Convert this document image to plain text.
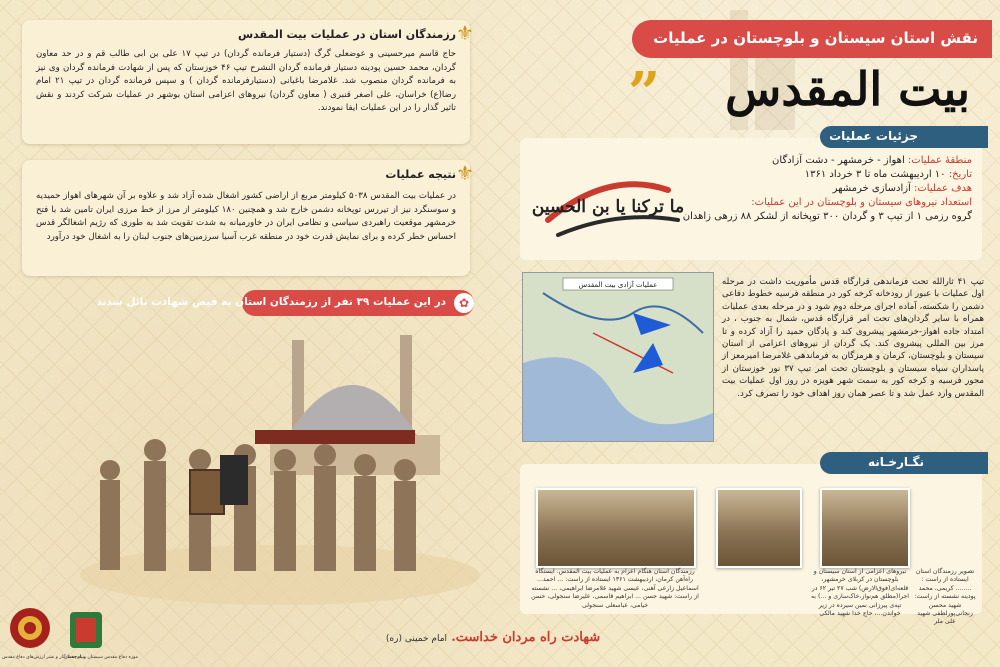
نقش استان سیستان و بلوچستان در عملیات
”	بیت المقدس
⚜
رزمندگان استان در عملیات بیت المقدس
حاج قاسم میرحسینی و عوضعلی گرگ (دستیار فرمانده گردان) در تیپ ۱۷ علی بن ابی طالب قم و در حد معاون گردان، محمد حسین پودینه دستیار فرمانده گردان النشرح تیپ ۴۶ خوزستان که پس از شهادت فرمانده گردان وی نیز به فرمانده گردان منصوب شد. غلامرضا باغبانی (دستیارفرمانده گردان ) و سپس فرمانده گردان در تیپ ۲۱ امام رضا(ع) خراسان، علی اصغر قنبری ( معاون گردان) نیروهای اعزامی استان بوشهر در عملیات شرکت کردند و نقش تاثیر گذار را در این عملیات ایفا نمودند.
⚜
نتیجه عملیات
در عملیات بیت المقدس ۵۰۳۸ کیلومتر مربع از اراضی کشور اشغال شده آزاد شد و علاوه بر آن شهرهای اهواز حمیدیه و سوسنگرد نیز از تیررس توپخانه دشمن خارج شد و همچنین ۱۸۰ کیلومتر از مرز از خط مرزی ایران تامین شد با فتح خرمشهر موقعیت راهبردی سیاسی و نظامی ایران در خاورمیانه به شدت تقویت شد به طوری که رژیم اشغالگر قدس احساس خطر کرده و برای نمایش قدرت خود در منطقه غرب آسیا سرزمین‌های جنوب لبنان را به اشغال خود درآورد
در این عملیات ۳۹ نفر از رزمندگان استان به فیض شهادت نائل شدند	✿
منطقهٔ عملیات: اهواز - خرمشهر - دشت آزادگان
تاریخ: ۱۰ اردیبهشت ماه تا ۳ خرداد ۱۳۶۱
هدف عملیات: آزادسازی خرمشهر
استعداد نیروهای سیستان و بلوچستان در این عملیات:
گروه رزمی ۱ از تیپ ۳ و گردان ۳۰۰ توپخانه از لشکر ۸۸ زرهی زاهدان
جزئیات عملیات
ما ترکنا یا بن الحسین
عملیات آزادی بیت المقدس	تیپ ۴۱ ثارالله تحت فرماندهی قرارگاه قدس مأموریت داشت در مرحله اول عملیات با عبور از رودخانه کرخه کور در منطقه فرسیه خطوط دفاعی دشمن را شکسته، آماده اجرای مرحله دوم شود و در مرحله بعدی عملیات همراه با سایر گردان‌های تحت امر قرارگاه قدس، شمال به جنوب ، در امتداد جاده اهواز-خرمشهر پیشروی کند و پادگان حمید را آزاد کرده و تا مرز بین المللی پیشروی کند. یک گردان از نیروهای اعزامی از استان سیستان و بلوچستان، کرمان و هرمزگان به فرماندهی غلامرضا امیرمعز از پاسداران سپاه سیستان و بلوچستان تحت امر تیپ ۳۷ نور خوزستان از محور فرسیه و کرخه کور به سمت شهر هویزه در روز اول عملیات بیت المقدس وارد عمل شد و تا عصر همان روز اهداف خود را تصرف کرد.
تصویر رزمندگان استان ایستاده از راست : ........ کریمی، محمد پودینه نشسته از راست: شهید محسن زنجانی‌پور‌لطفی شهید علی ملر
نیروهای اعزامی از استان سیستان و بلوچستان در کربلای خرمشهر، قلعه‌ای(فوق‌الارض) شب ۲۷ تیر ۶۲ در اجرا(مطلق هم‌نواز،خاک‌ساری و ...) به تپه‌ی پیرزانی نمین سیرده در زیر خواندن...، حاج خدا شهید مالکی
رزمندگان استان هنگام اعزام به عملیات بیت المقدس. ایستگاه راه‌آهن کرمان، اردیبهشت ۱۳۶۱ ایستاده از راست: ... احمد... اسماعیل زارعی آهنی، عیسی شهید غلامرضا ابراهیمی، ... نشسته از راست: شهید حسن ... ابراهیم قاسمی، علیرضا سنجولی، حسن خیامی، عباسعلی سنجولی
نگـارخـانه
شهادت راه مردان خداست. امام خمینی (ره)
بنیاد حفظ آثار و نشر ارزش‌های دفاع مقدس
موزه دفاع مقدس سیستان و بلوچستان
